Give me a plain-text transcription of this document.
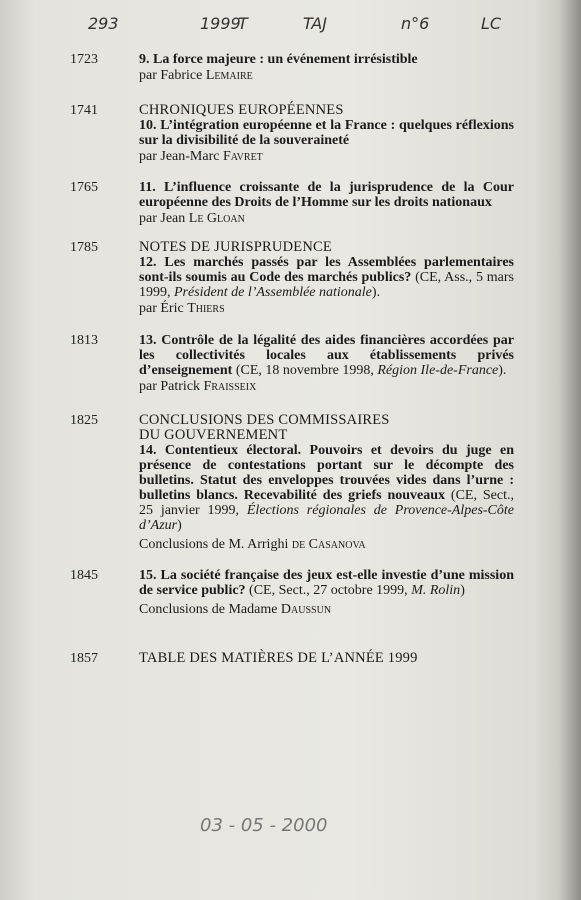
293	1999
T	TAJ	n°6	LC
1723	9. La force majeure : un événement irrésistible
par Fabrice Lemaire
1741	CHRONIQUES EUROPÉENNES
10. L’intégration européenne et la France : quelques réflexions sur la divisibilité de la souveraineté
par Jean-Marc Favret
1765	11. L’influence croissante de la jurisprudence de la Cour européenne des Droits de l’Homme sur les droits nationaux
par Jean Le Gloan
1785	NOTES DE JURISPRUDENCE
12. Les marchés passés par les Assemblées parlementaires sont-ils soumis au Code des marchés publics? (CE, Ass., 5 mars 1999, Président de l’Assemblée nationale).
par Éric Thiers
1813	13. Contrôle de la légalité des aides financières accordées par les collectivités locales aux établissements privés d’enseignement (CE, 18 novembre 1998, Région Ile-de-France).
par Patrick Fraisseix
1825	CONCLUSIONS DES COMMISSAIRES
DU GOUVERNEMENT
14. Contentieux électoral. Pouvoirs et devoirs du juge en présence de contestations portant sur le décompte des bulletins. Statut des enveloppes trouvées vides dans l’urne : bulletins blancs. Recevabilité des griefs nouveaux (CE, Sect., 25 janvier 1999, Élections régionales de Provence-Alpes-Côte d’Azur)
Conclusions de M. Arrighi de Casanova
1845	15. La société française des jeux est-elle investie d’une mission de service public? (CE, Sect., 27 octobre 1999, M. Rolin)
Conclusions de Madame Daussun
1857	TABLE DES MATIÈRES DE L’ANNÉE 1999
03 - 05 - 2000
